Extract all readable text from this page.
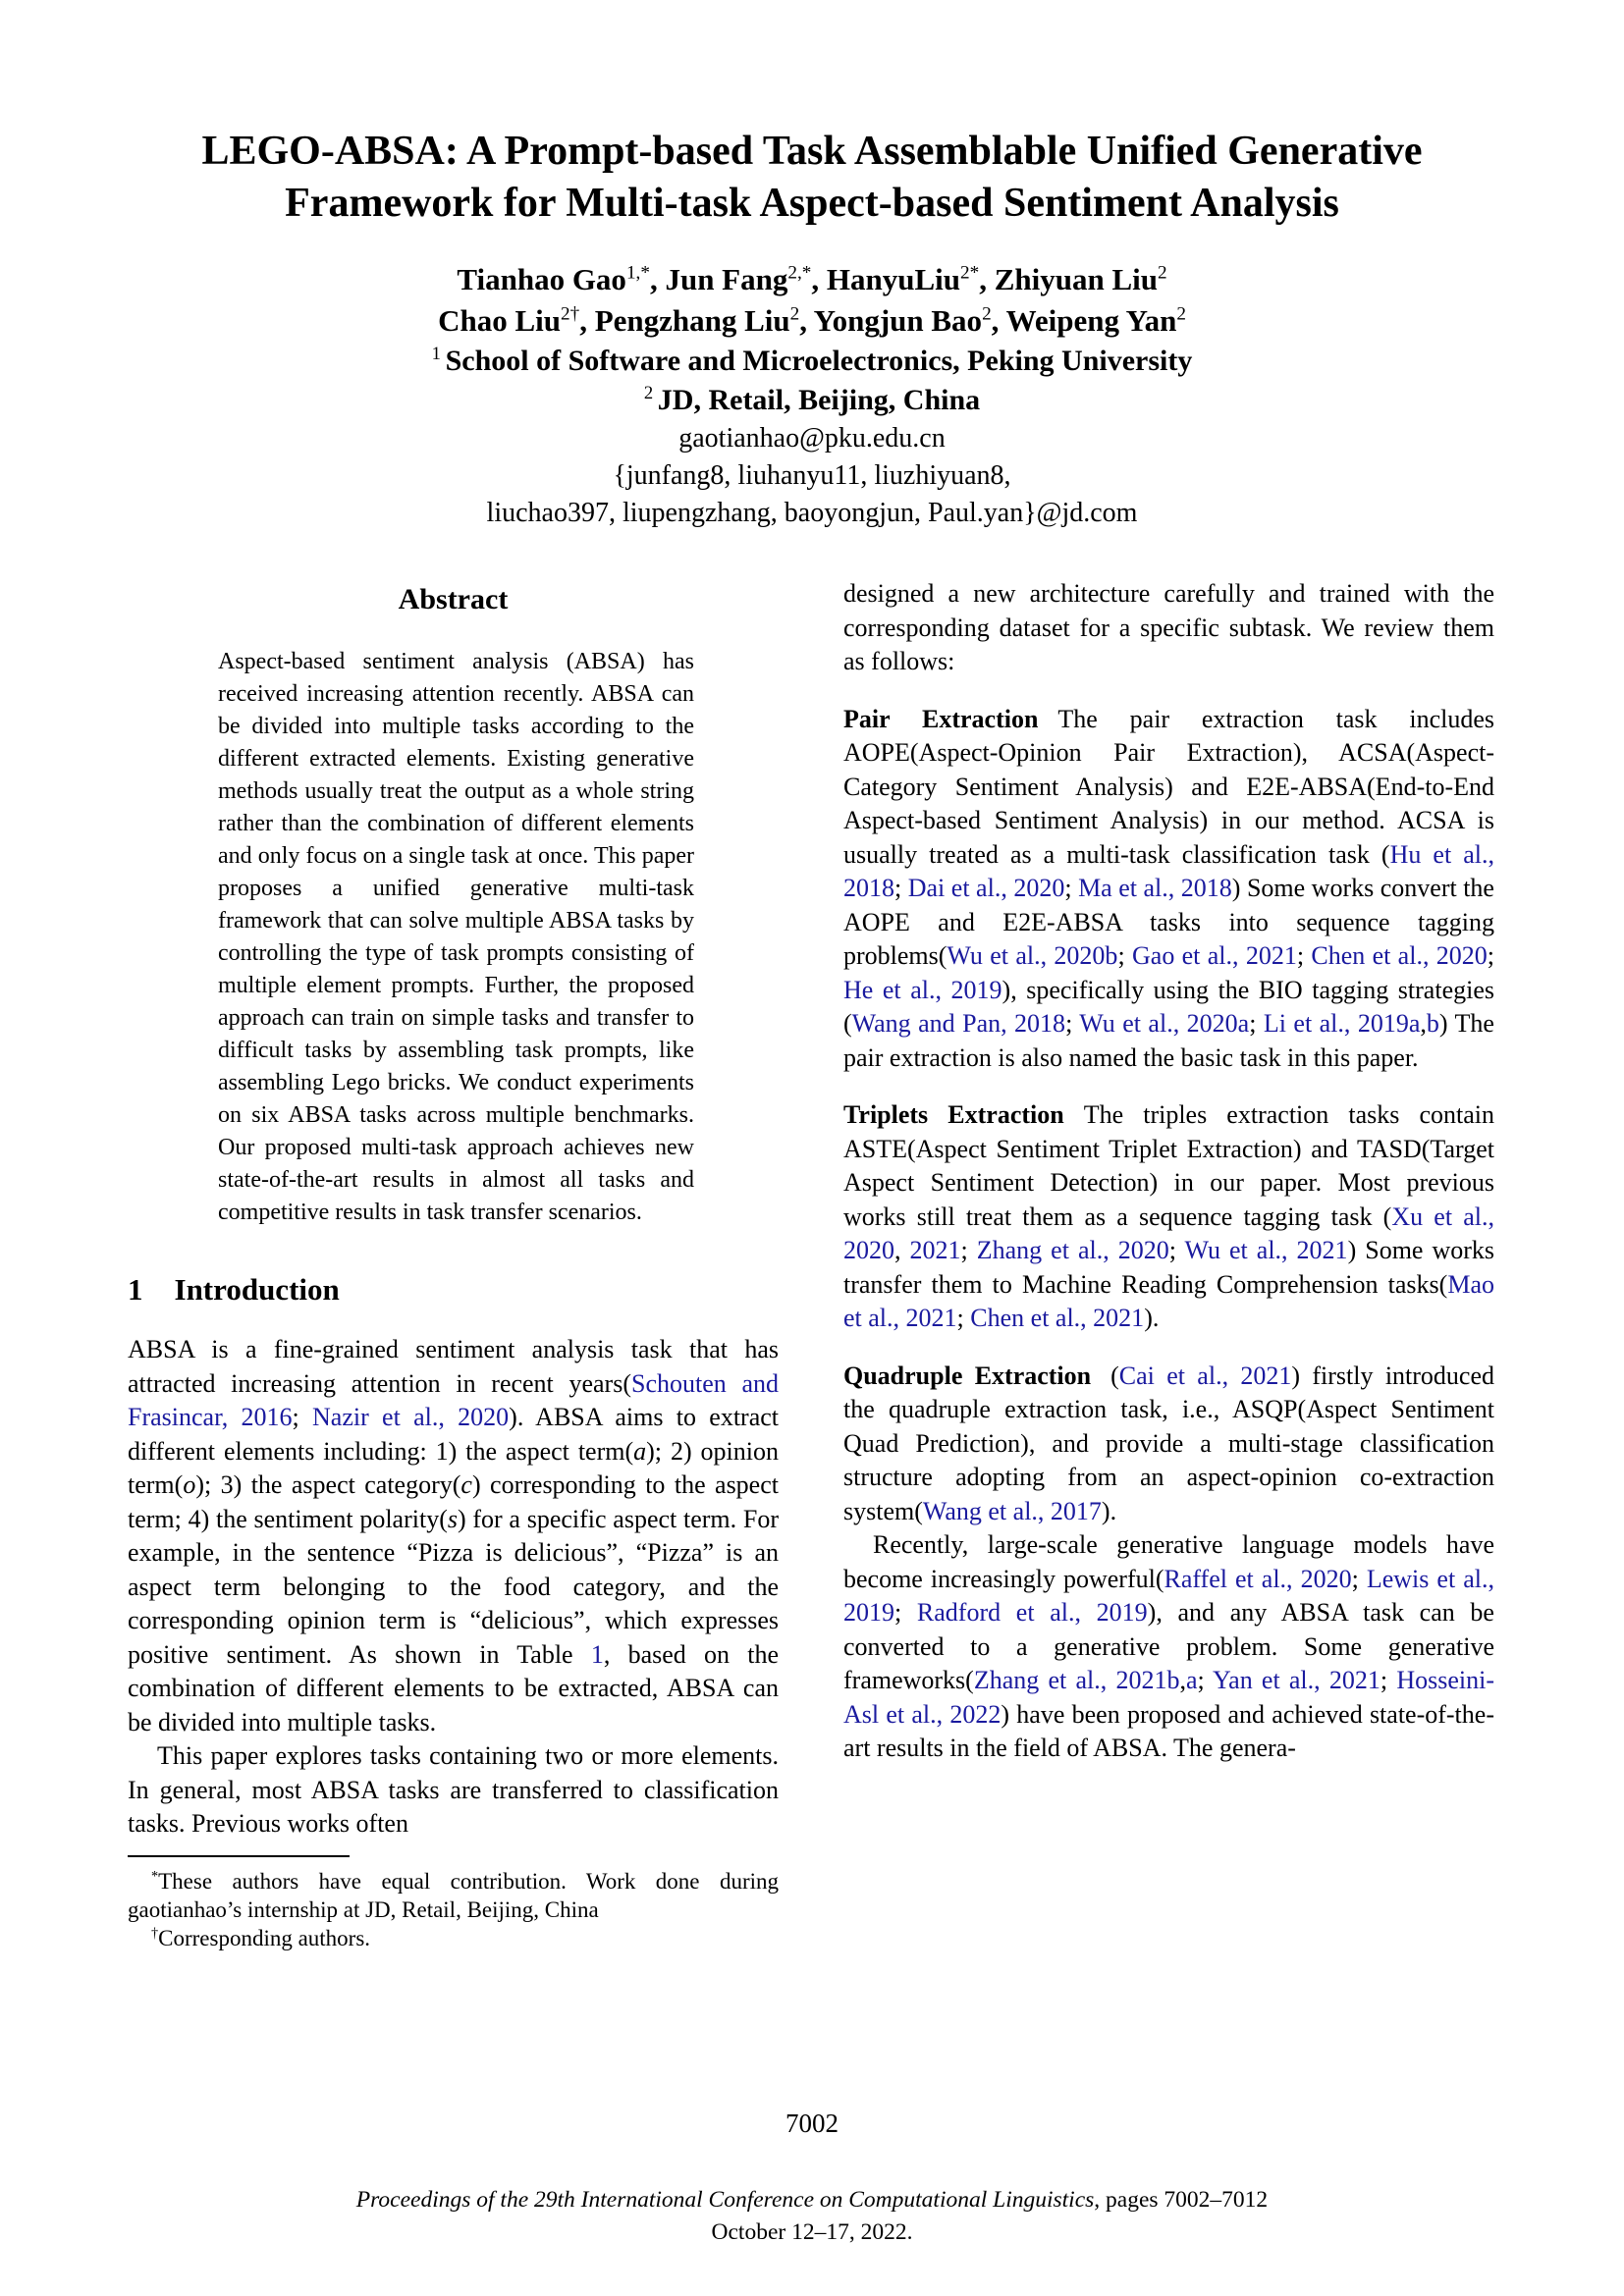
LEGO-ABSA: A Prompt-based Task Assemblable Unified Generative
Framework for Multi-task Aspect-based Sentiment Analysis
Tianhao Gao$^{1,*}$, Jun Fang$^{2,*}$, HanyuLiu$^{2*}$, Zhiyuan Liu$^2$
Chao Liu$^{2\dagger}$, Pengzhang Liu$^2$, Yongjun Bao$^2$, Weipeng Yan$^2$
$^1$ School of Software and Microelectronics, Peking University
$^2$ JD, Retail, Beijing, China
gaotianhao@pku.edu.cn
{junfang8, liuhanyu11, liuzhiyuan8,
liuchao397, liupengzhang, baoyongjun, Paul.yan}@jd.com
Abstract

Aspect-based sentiment analysis (ABSA) has received increasing attention recently. ABSA can be divided into multiple tasks according to the different extracted elements. Existing generative methods usually treat the output as a whole string rather than the combination of different elements and only focus on a single task at once. This paper proposes a unified generative multi-task framework that can solve multiple ABSA tasks by controlling the type of task prompts consisting of multiple element prompts. Further, the proposed approach can train on simple tasks and transfer to difficult tasks by assembling task prompts, like assembling Lego bricks. We conduct experiments on six ABSA tasks across multiple benchmarks. Our proposed multi-task approach achieves new state-of-the-art results in almost all tasks and competitive results in task transfer scenarios.

1 Introduction

ABSA is a fine-grained sentiment analysis task that has attracted increasing attention in recent years(Schouten and Frasincar, 2016; Nazir et al., 2020). ABSA aims to extract different elements including: 1) the aspect term(a); 2) opinion term(o); 3) the aspect category(c) corresponding to the aspect term; 4) the sentiment polarity(s) for a specific aspect term. For example, in the sentence “Pizza is delicious”, “Pizza” is an aspect term belonging to the food category, and the corresponding opinion term is “delicious”, which expresses positive sentiment. As shown in Table 1, based on the combination of different elements to be extracted, ABSA can be divided into multiple tasks.

This paper explores tasks containing two or more elements. In general, most ABSA tasks are transferred to classification tasks. Previous works often

*These authors have equal contribution. Work done during gaotianhao’s internship at JD, Retail, Beijing, China

†Corresponding authors.

designed a new architecture carefully and trained with the corresponding dataset for a specific subtask. We review them as follows:

Pair Extraction The pair extraction task includes AOPE(Aspect-Opinion Pair Extraction), ACSA(Aspect-Category Sentiment Analysis) and E2E-ABSA(End-to-End Aspect-based Sentiment Analysis) in our method. ACSA is usually treated as a multi-task classification task (Hu et al., 2018; Dai et al., 2020; Ma et al., 2018) Some works convert the AOPE and E2E-ABSA tasks into sequence tagging problems(Wu et al., 2020b; Gao et al., 2021; Chen et al., 2020; He et al., 2019), specifically using the BIO tagging strategies (Wang and Pan, 2018; Wu et al., 2020a; Li et al., 2019a,b) The pair extraction is also named the basic task in this paper.

Triplets Extraction The triples extraction tasks contain ASTE(Aspect Sentiment Triplet Extraction) and TASD(Target Aspect Sentiment Detection) in our paper. Most previous works still treat them as a sequence tagging task (Xu et al., 2020, 2021; Zhang et al., 2020; Wu et al., 2021) Some works transfer them to Machine Reading Comprehension tasks(Mao et al., 2021; Chen et al., 2021).

Quadruple Extraction (Cai et al., 2021) firstly introduced the quadruple extraction task, i.e., ASQP(Aspect Sentiment Quad Prediction), and provide a multi-stage classification structure adopting from an aspect-opinion co-extraction system(Wang et al., 2017).

Recently, large-scale generative language models have become increasingly powerful(Raffel et al., 2020; Lewis et al., 2019; Radford et al., 2019), and any ABSA task can be converted to a generative problem. Some generative frameworks(Zhang et al., 2021b,a; Yan et al., 2021; Hosseini-Asl et al., 2022) have been proposed and achieved state-of-the-art results in the field of ABSA. The genera-

7002
Proceedings of the 29th International Conference on Computational Linguistics, pages 7002–7012
October 12–17, 2022.
